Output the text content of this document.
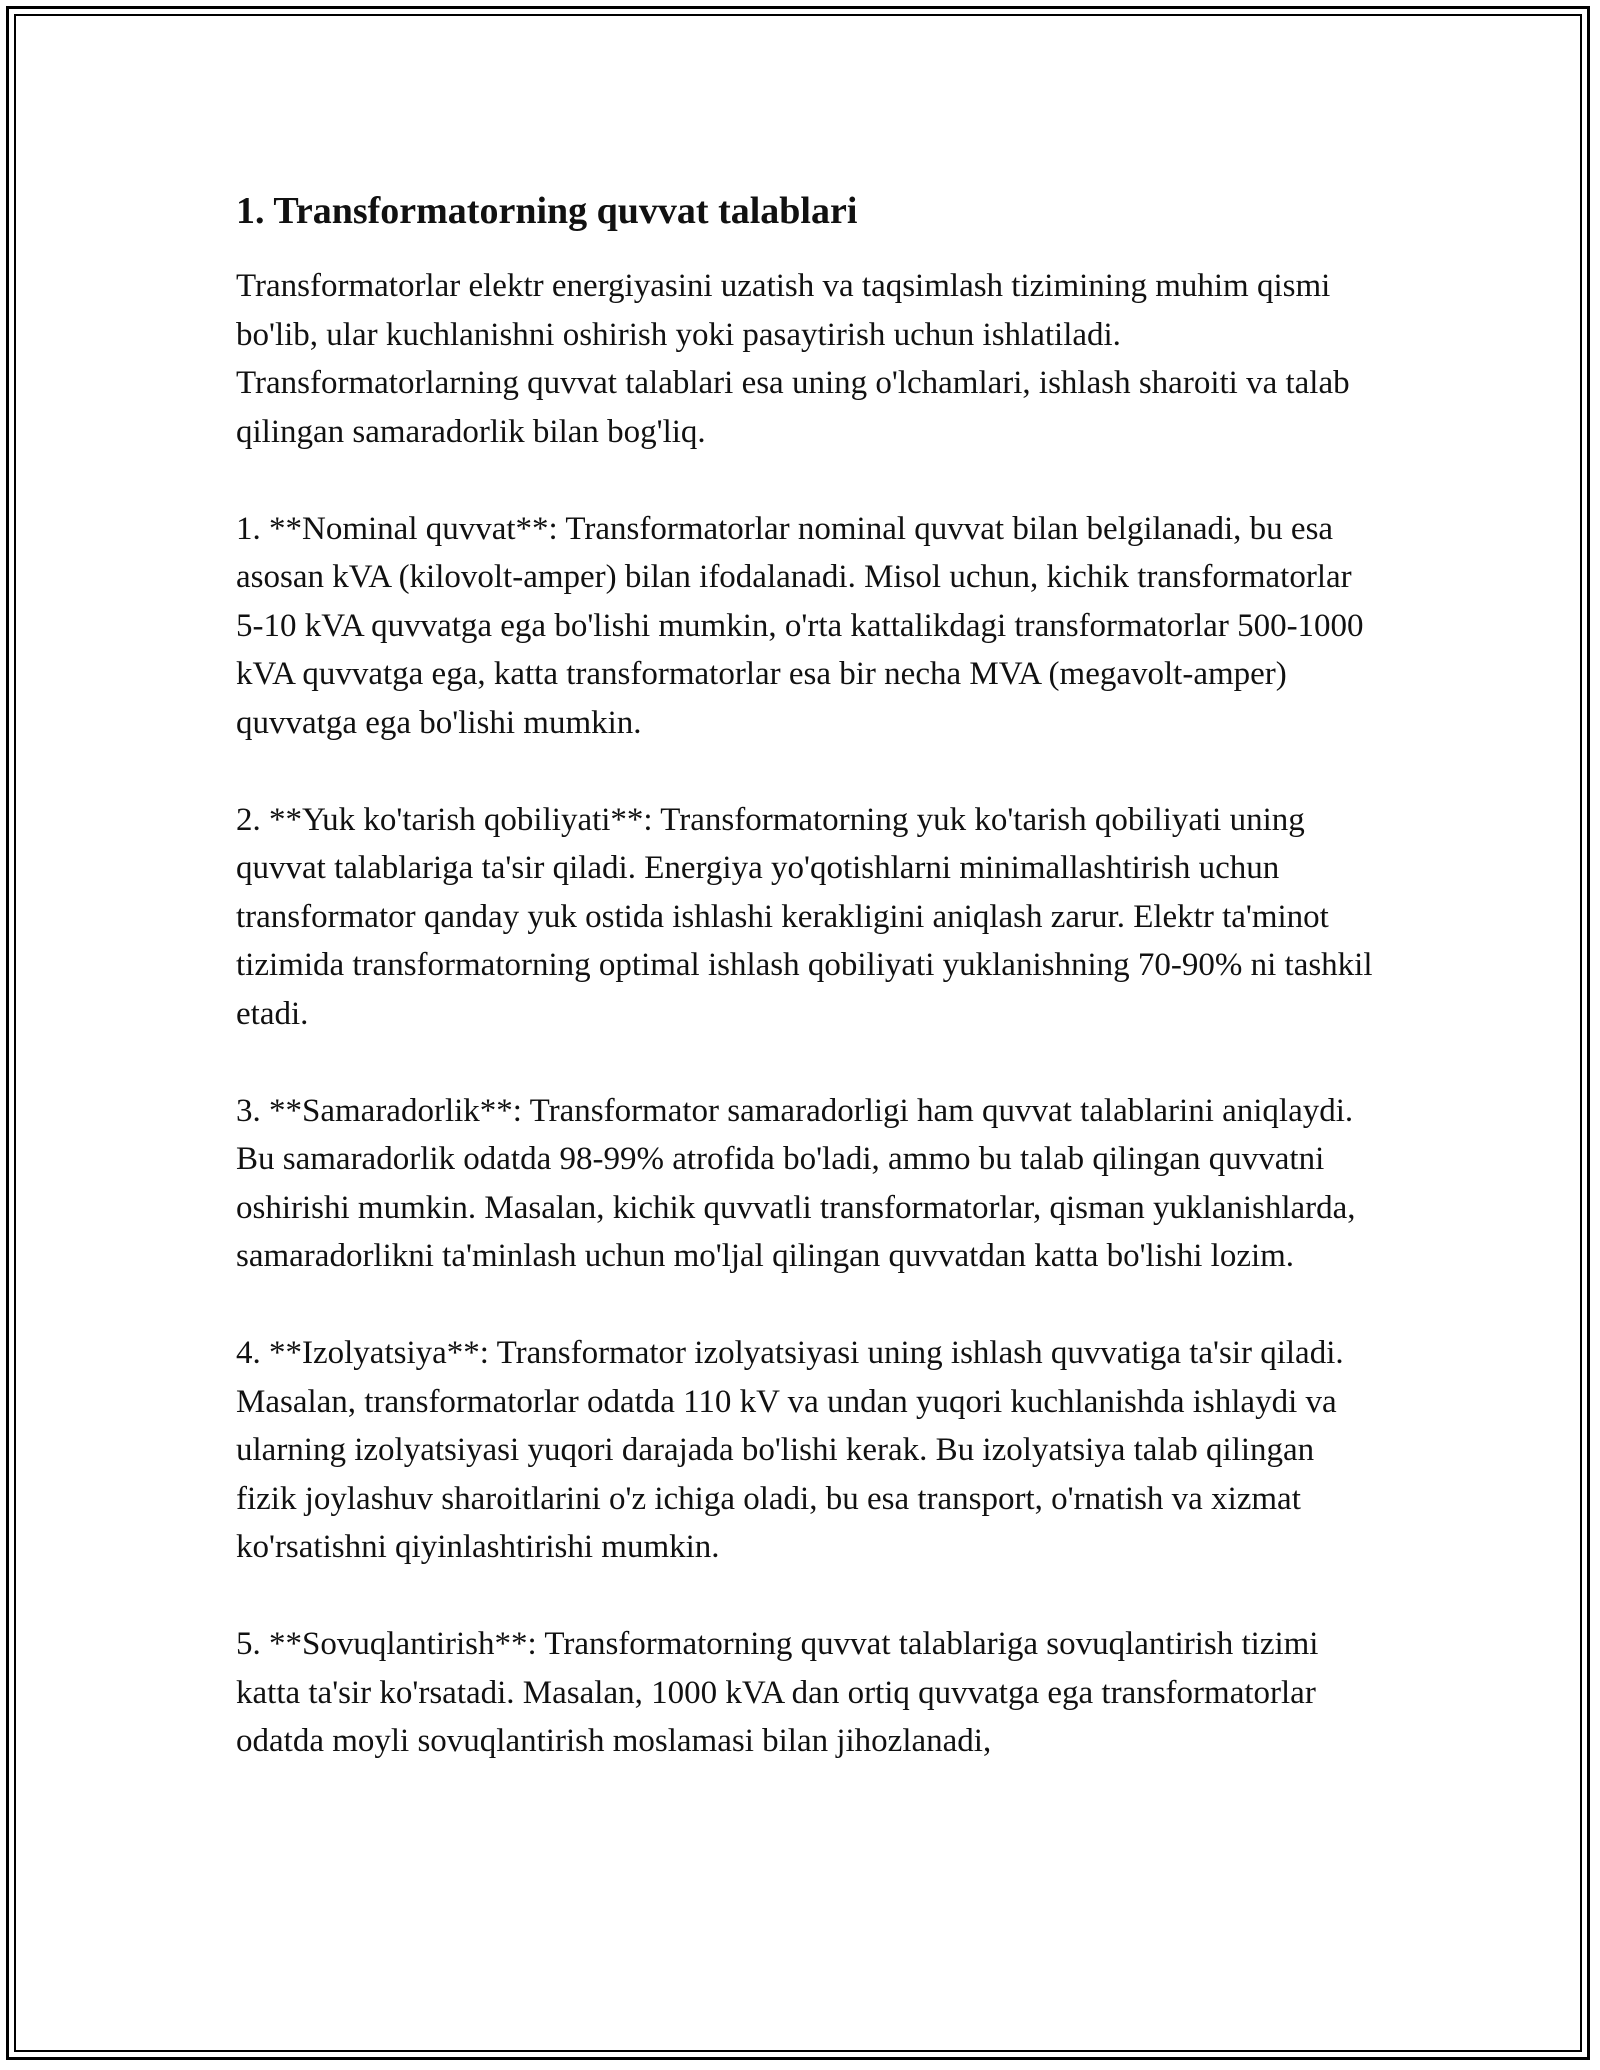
1. Transformatorning quvvat talablari

Transformatorlar elektr energiyasini uzatish va taqsimlash tizimining muhim qismi bo'lib, ular kuchlanishni oshirish yoki pasaytirish uchun ishlatiladi. Transformatorlarning quvvat talablari esa uning o'lchamlari, ishlash sharoiti va talab qilingan samaradorlik bilan bog'liq.

1. **Nominal quvvat**: Transformatorlar nominal quvvat bilan belgilanadi, bu esa asosan kVA (kilovolt-amper) bilan ifodalanadi. Misol uchun, kichik transformatorlar 5-10 kVA quvvatga ega bo'lishi mumkin, o'rta kattalikdagi transformatorlar 500-1000 kVA quvvatga ega, katta transformatorlar esa bir necha MVA (megavolt-amper) quvvatga ega bo'lishi mumkin.

2. **Yuk ko'tarish qobiliyati**: Transformatorning yuk ko'tarish qobiliyati uning quvvat talablariga ta'sir qiladi. Energiya yo'qotishlarni minimallashtirish uchun transformator qanday yuk ostida ishlashi kerakligini aniqlash zarur. Elektr ta'minot tizimida transformatorning optimal ishlash qobiliyati yuklanishning 70-90% ni tashkil etadi.

3. **Samaradorlik**: Transformator samaradorligi ham quvvat talablarini aniqlaydi. Bu samaradorlik odatda 98-99% atrofida bo'ladi, ammo bu talab qilingan quvvatni oshirishi mumkin. Masalan, kichik quvvatli transformatorlar, qisman yuklanishlarda, samaradorlikni ta'minlash uchun mo'ljal qilingan quvvatdan katta bo'lishi lozim.

4. **Izolyatsiya**: Transformator izolyatsiyasi uning ishlash quvvatiga ta'sir qiladi. Masalan, transformatorlar odatda 110 kV va undan yuqori kuchlanishda ishlaydi va ularning izolyatsiyasi yuqori darajada bo'lishi kerak. Bu izolyatsiya talab qilingan fizik joylashuv sharoitlarini o'z ichiga oladi, bu esa transport, o'rnatish va xizmat ko'rsatishni qiyinlashtirishi mumkin.

5. **Sovuqlantirish**: Transformatorning quvvat talablariga sovuqlantirish tizimi katta ta'sir ko'rsatadi. Masalan, 1000 kVA dan ortiq quvvatga ega transformatorlar odatda moyli sovuqlantirish moslamasi bilan jihozlanadi,
